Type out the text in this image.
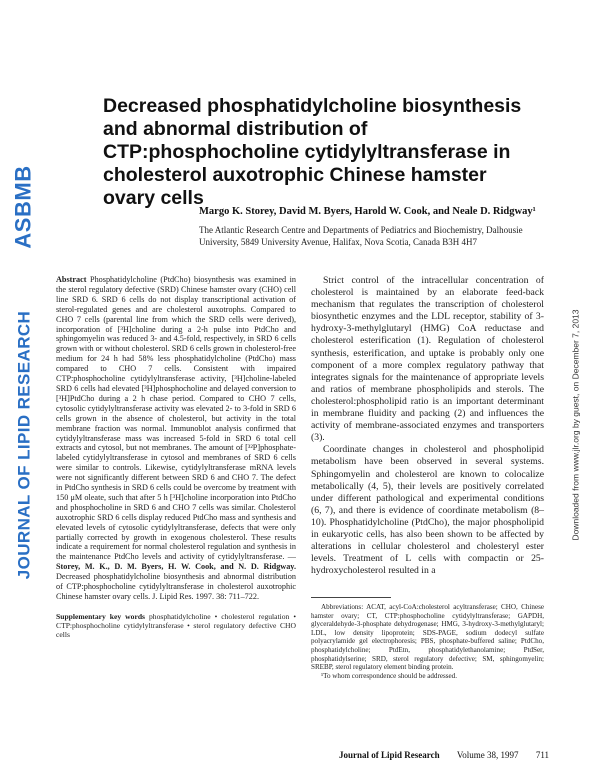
ASBMB
JOURNAL OF LIPID RESEARCH	Downloaded from www.jlr.org by guest, on December 7, 2013
Decreased phosphatidylcholine biosynthesis and abnormal distribution of CTP:phosphocholine cytidylyltransferase in cholesterol auxotrophic Chinese hamster ovary cells
Margo K. Storey, David M. Byers, Harold W. Cook, and Neale D. Ridgway¹
The Atlantic Research Centre and Departments of Pediatrics and Biochemistry, Dalhousie University, 5849 University Avenue, Halifax, Nova Scotia, Canada B3H 4H7

Abstract Phosphatidylcholine (PtdCho) biosynthesis was examined in the sterol regulatory defective (SRD) Chinese hamster ovary (CHO) cell line SRD 6. SRD 6 cells do not display transcriptional activation of sterol-regulated genes and are cholesterol auxotrophs. Compared to CHO 7 cells (parental line from which the SRD cells were derived), incorporation of [³H]choline during a 2-h pulse into PtdCho and sphingomyelin was reduced 3- and 4.5-fold, respectively, in SRD 6 cells grown with or without cholesterol. SRD 6 cells grown in cholesterol-free medium for 24 h had 58% less phosphatidylcholine (PtdCho) mass compared to CHO 7 cells. Consistent with impaired CTP:phosphocholine cytidylyltransferase activity, [³H]choline-labeled SRD 6 cells had elevated [³H]phosphocholine and delayed conversion to [³H]PtdCho during a 2 h chase period. Compared to CHO 7 cells, cytosolic cytidylyltransferase activity was elevated 2- to 3-fold in SRD 6 cells grown in the absence of cholesterol, but activity in the total membrane fraction was normal. Immunoblot analysis confirmed that cytidylyltransferase mass was increased 5-fold in SRD 6 total cell extracts and cytosol, but not membranes. The amount of [³²P]phosphate-labeled cytidylyltransferase in cytosol and membranes of SRD 6 cells were similar to controls. Likewise, cytidylyltransferase mRNA levels were not significantly different between SRD 6 and CHO 7. The defect in PtdCho synthesis in SRD 6 cells could be overcome by treatment with 150 μM oleate, such that after 5 h [³H]choline incorporation into PtdCho and phosphocholine in SRD 6 and CHO 7 cells was similar. Cholesterol auxotrophic SRD 6 cells display reduced PtdCho mass and synthesis and elevated levels of cytosolic cytidylyltransferase, defects that were only partially corrected by growth in exogenous cholesterol. These results indicate a requirement for normal cholesterol regulation and synthesis in the maintenance PtdCho levels and activity of cytidylyltransferase. —Storey, M. K., D. M. Byers, H. W. Cook, and N. D. Ridgway. Decreased phosphatidylcholine biosynthesis and abnormal distribution of CTP:phosphocholine cytidylyltransferase in cholesterol auxotrophic Chinese hamster ovary cells. J. Lipid Res. 1997. 38: 711–722.

Supplementary key words phosphatidylcholine • cholesterol regulation • CTP:phosphocholine cytidylyltransferase • sterol regulatory defective CHO cells

Strict control of the intracellular concentration of cholesterol is maintained by an elaborate feed-back mechanism that regulates the transcription of cholesterol biosynthetic enzymes and the LDL receptor, stability of 3-hydroxy-3-methylglutaryl (HMG) CoA reductase and cholesterol esterification (1). Regulation of cholesterol synthesis, esterification, and uptake is probably only one component of a more complex regulatory pathway that integrates signals for the maintenance of appropriate levels and ratios of membrane phospholipids and sterols. The cholesterol:phospholipid ratio is an important determinant in membrane fluidity and packing (2) and influences the activity of membrane-associated enzymes and transporters (3).

Coordinate changes in cholesterol and phospholipid metabolism have been observed in several systems. Sphingomyelin and cholesterol are known to colocalize metabolically (4, 5), their levels are positively correlated under different pathological and experimental conditions (6, 7), and there is evidence of coordinate metabolism (8–10). Phosphatidylcholine (PtdCho), the major phospholipid in eukaryotic cells, has also been shown to be affected by alterations in cellular cholesterol and cholesteryl ester levels. Treatment of L cells with compactin or 25-hydroxycholesterol resulted in a

Abbreviations: ACAT, acyl-CoA:cholesterol acyltransferase; CHO, Chinese hamster ovary; CT, CTP:phosphocholine cytidylyltransferase; GAPDH, glyceraldehyde-3-phosphate dehydrogenase; HMG, 3-hydroxy-3-methylglutaryl; LDL, low density lipoprotein; SDS-PAGE, sodium dodecyl sulfate polyacrylamide gel electrophoresis; PBS, phosphate-buffered saline; PtdCho, phosphatidylcholine; PtdEtn, phosphatidylethanolamine; PtdSer, phosphatidylserine; SRD, sterol regulatory defective; SM, sphingomyelin; SREBP, sterol regulatory element binding protein.

¹To whom correspondence should be addressed.

Journal of Lipid Research Volume 38, 1997 711
